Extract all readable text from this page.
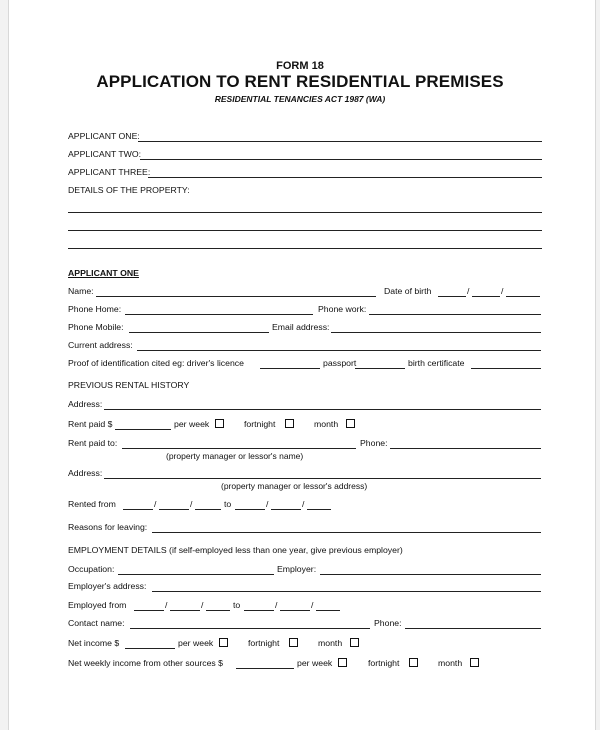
FORM 18
APPLICATION TO RENT RESIDENTIAL PREMISES
RESIDENTIAL TENANCIES ACT 1987 (WA)
APPLICANT ONE:
APPLICANT TWO:
APPLICANT THREE:
DETAILS OF THE PROPERTY:
APPLICANT ONE
Name:	Date of birth	/	/
Phone Home:	Phone work:
Phone Mobile:	Email address:
Current address:
Proof of identification cited eg: driver's licence	passport	birth certificate
PREVIOUS RENTAL HISTORY
Address:
Rent paid $	per week	fortnight	month
Rent paid to:	Phone:
(property manager or lessor's name)
Address:
(property manager or lessor's address)
Rented from	/	/	to	/	/
Reasons for leaving:
EMPLOYMENT DETAILS (if self-employed less than one year, give previous employer)
Occupation:	Employer:
Employer's address:
Employed from	/	/	to	/	/
Contact name:	Phone:
Net income $	per week	fortnight	month
Net weekly income from other sources $	per week	fortnight	month
